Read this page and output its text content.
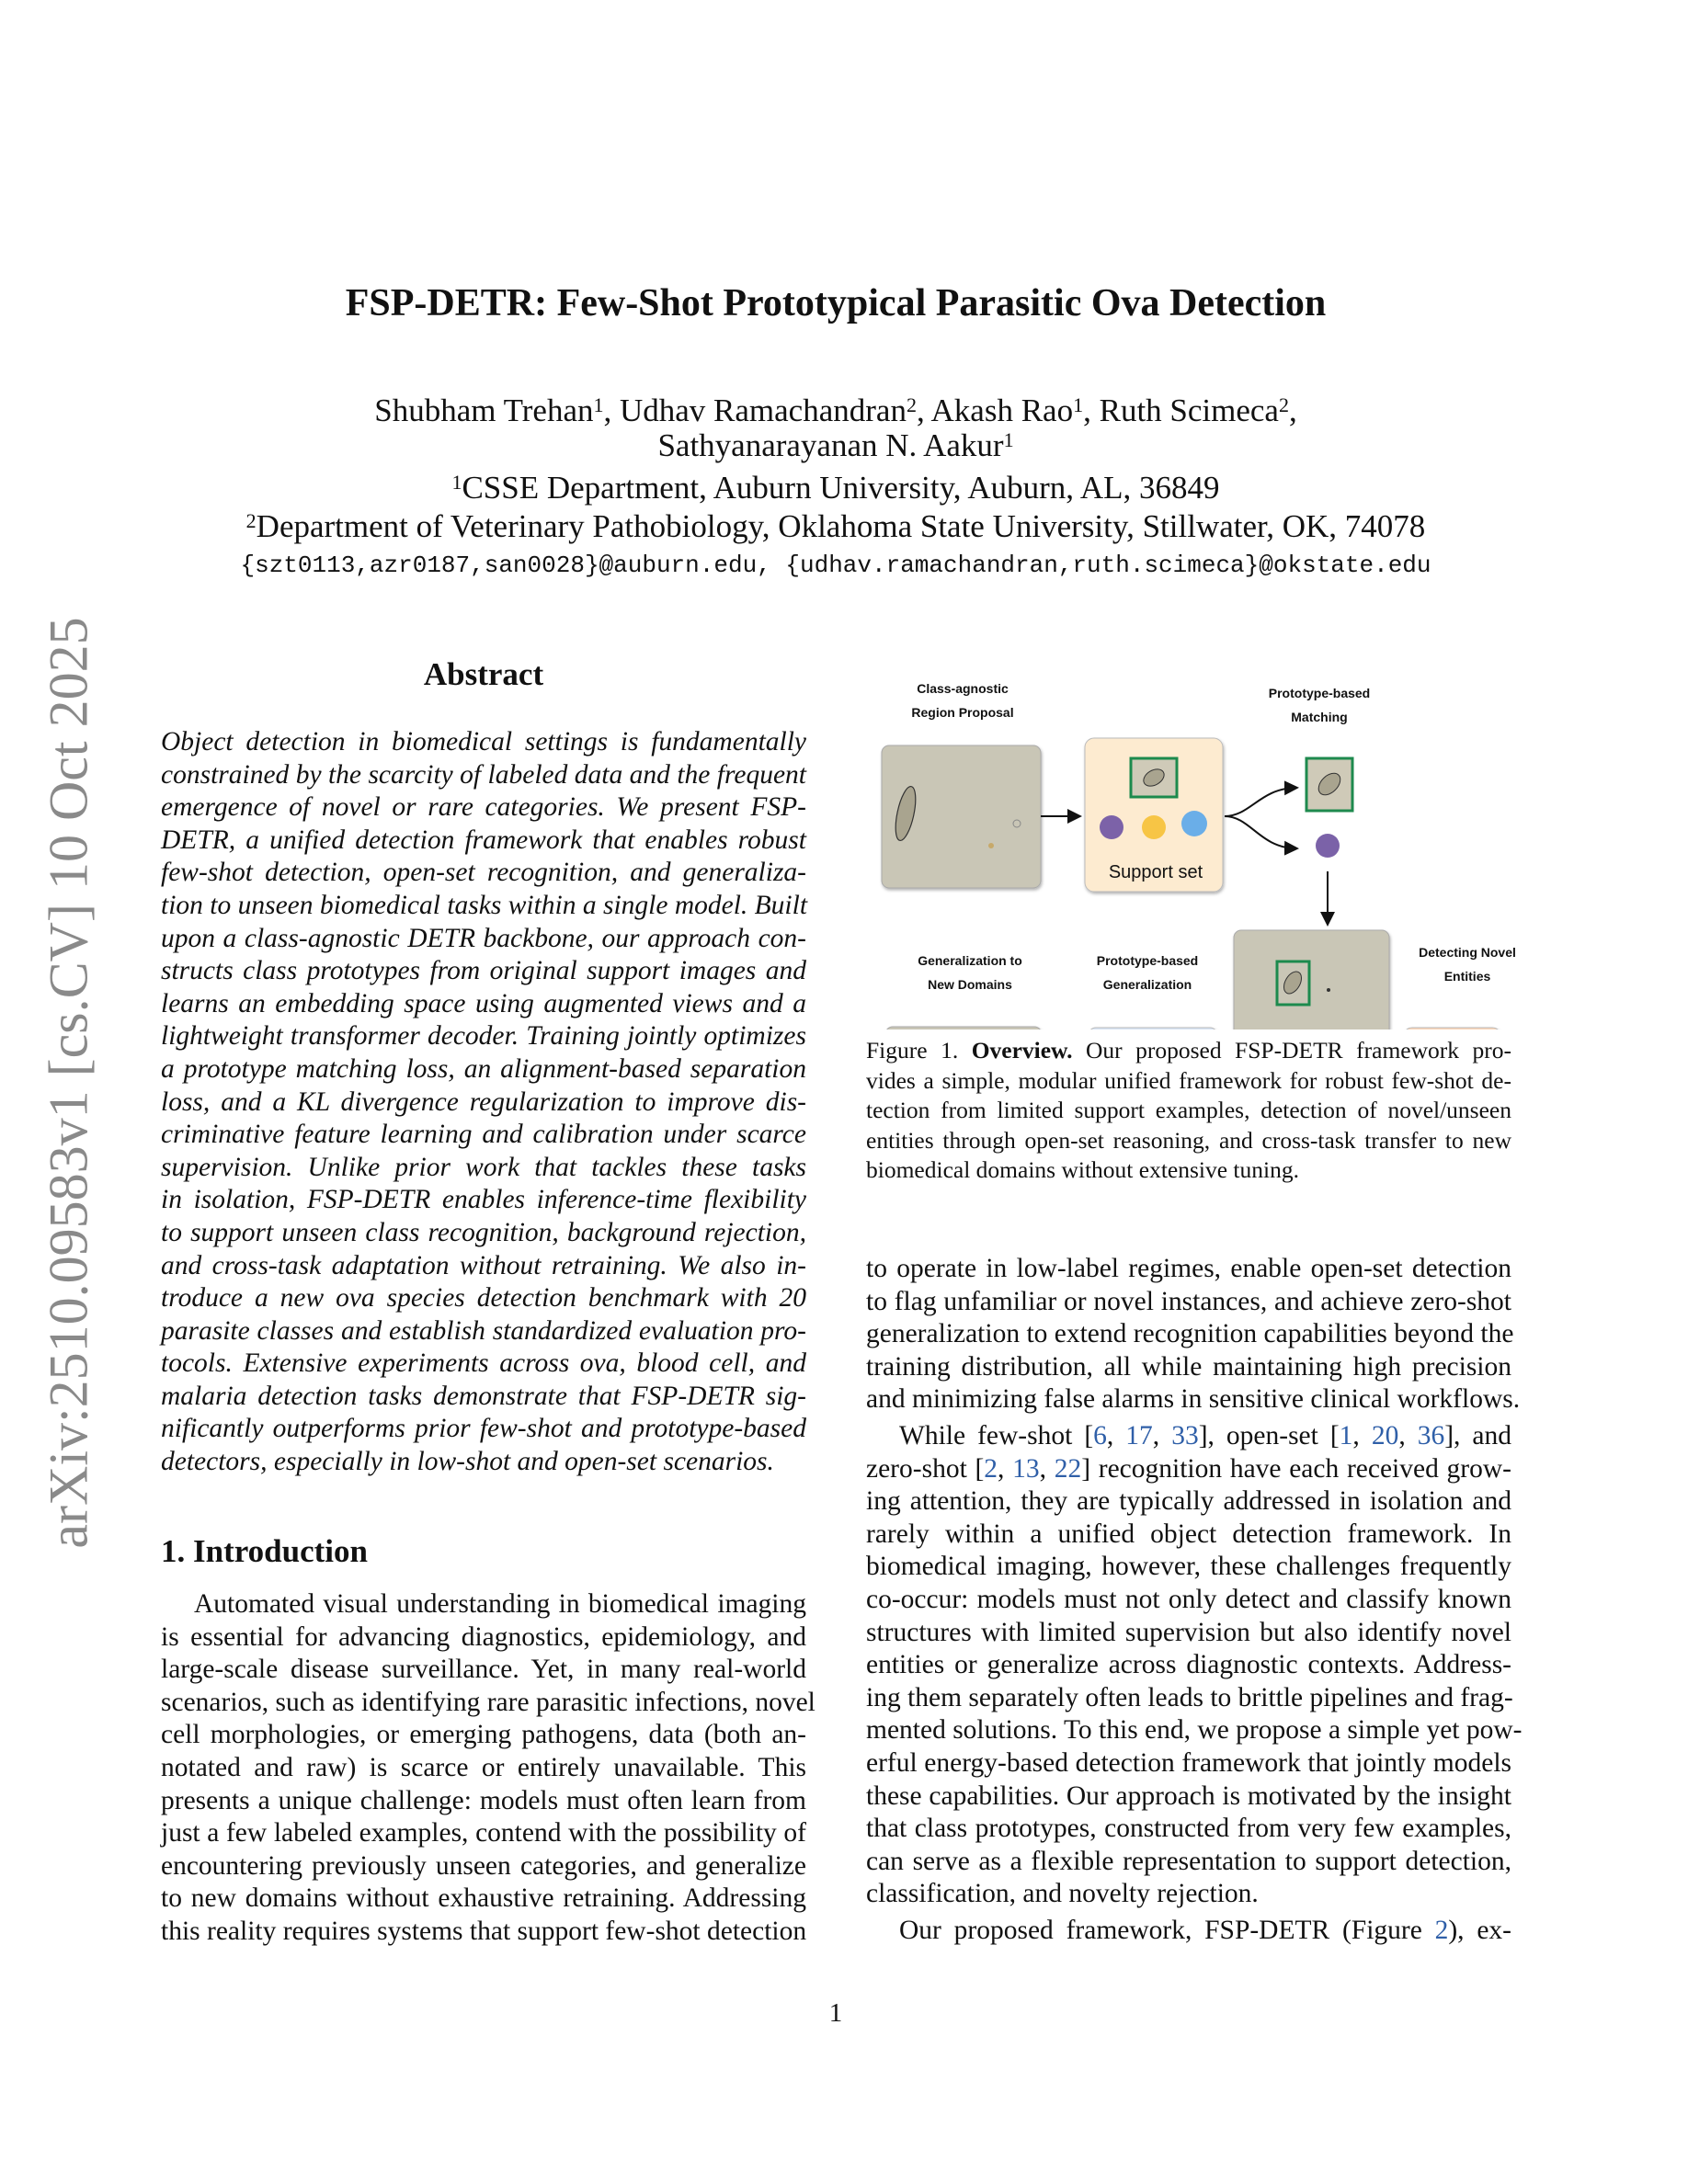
arXiv:2510.09583v1 [cs.CV] 10 Oct 2025
FSP-DETR: Few-Shot Prototypical Parasitic Ova Detection
Shubham Trehan$^1$, Udhav Ramachandran$^2$, Akash Rao$^1$, Ruth Scimeca$^2$,
Sathyanarayanan N. Aakur$^1$
$^1$CSSE Department, Auburn University, Auburn, AL, 36849
$^2$Department of Veterinary Pathobiology, Oklahoma State University, Stillwater, OK, 74078
{szt0113,azr0187,san0028}@auburn.edu, {udhav.ramachandran,ruth.scimeca}@okstate.edu
Abstract
Object detection in biomedical settings is fundamentally
constrained by the scarcity of labeled data and the frequent
emergence of novel or rare categories. We present FSP-
DETR, a unified detection framework that enables robust
few-shot detection, open-set recognition, and generaliza-
tion to unseen biomedical tasks within a single model. Built
upon a class-agnostic DETR backbone, our approach con-
structs class prototypes from original support images and
learns an embedding space using augmented views and a
lightweight transformer decoder. Training jointly optimizes
a prototype matching loss, an alignment-based separation
loss, and a KL divergence regularization to improve dis-
criminative feature learning and calibration under scarce
supervision. Unlike prior work that tackles these tasks
in isolation, FSP-DETR enables inference-time flexibility
to support unseen class recognition, background rejection,
and cross-task adaptation without retraining. We also in-
troduce a new ova species detection benchmark with 20
parasite classes and establish standardized evaluation pro-
tocols. Extensive experiments across ova, blood cell, and
malaria detection tasks demonstrate that FSP-DETR sig-
nificantly outperforms prior few-shot and prototype-based
detectors, especially in low-shot and open-set scenarios.
1. Introduction
Automated visual understanding in biomedical imaging
is essential for advancing diagnostics, epidemiology, and
large-scale disease surveillance. Yet, in many real-world
scenarios, such as identifying rare parasitic infections, novel
cell morphologies, or emerging pathogens, data (both an-
notated and raw) is scarce or entirely unavailable. This
presents a unique challenge: models must often learn from
just a few labeled examples, contend with the possibility of
encountering previously unseen categories, and generalize
to new domains without exhaustive retraining. Addressing
this reality requires systems that support few-shot detection
Class-agnostic Region Proposal
Support set
Prototype-based Matching
Detecting Novel Entities
Generalization to New Domains
Prototype-based Generalization
Figure 1. Overview. Our proposed FSP-DETR framework pro-
vides a simple, modular unified framework for robust few-shot de-
tection from limited support examples, detection of novel/unseen
entities through open-set reasoning, and cross-task transfer to new
biomedical domains without extensive tuning.
to operate in low-label regimes, enable open-set detection
to flag unfamiliar or novel instances, and achieve zero-shot
generalization to extend recognition capabilities beyond the
training distribution, all while maintaining high precision
and minimizing false alarms in sensitive clinical workflows.
While few-shot [6, 17, 33], open-set [1, 20, 36], and
zero-shot [2, 13, 22] recognition have each received grow-
ing attention, they are typically addressed in isolation and
rarely within a unified object detection framework. In
biomedical imaging, however, these challenges frequently
co-occur: models must not only detect and classify known
structures with limited supervision but also identify novel
entities or generalize across diagnostic contexts. Address-
ing them separately often leads to brittle pipelines and frag-
mented solutions. To this end, we propose a simple yet pow-
erful energy-based detection framework that jointly models
these capabilities. Our approach is motivated by the insight
that class prototypes, constructed from very few examples,
can serve as a flexible representation to support detection,
classification, and novelty rejection.
Our proposed framework, FSP-DETR (Figure 2), ex-
1
